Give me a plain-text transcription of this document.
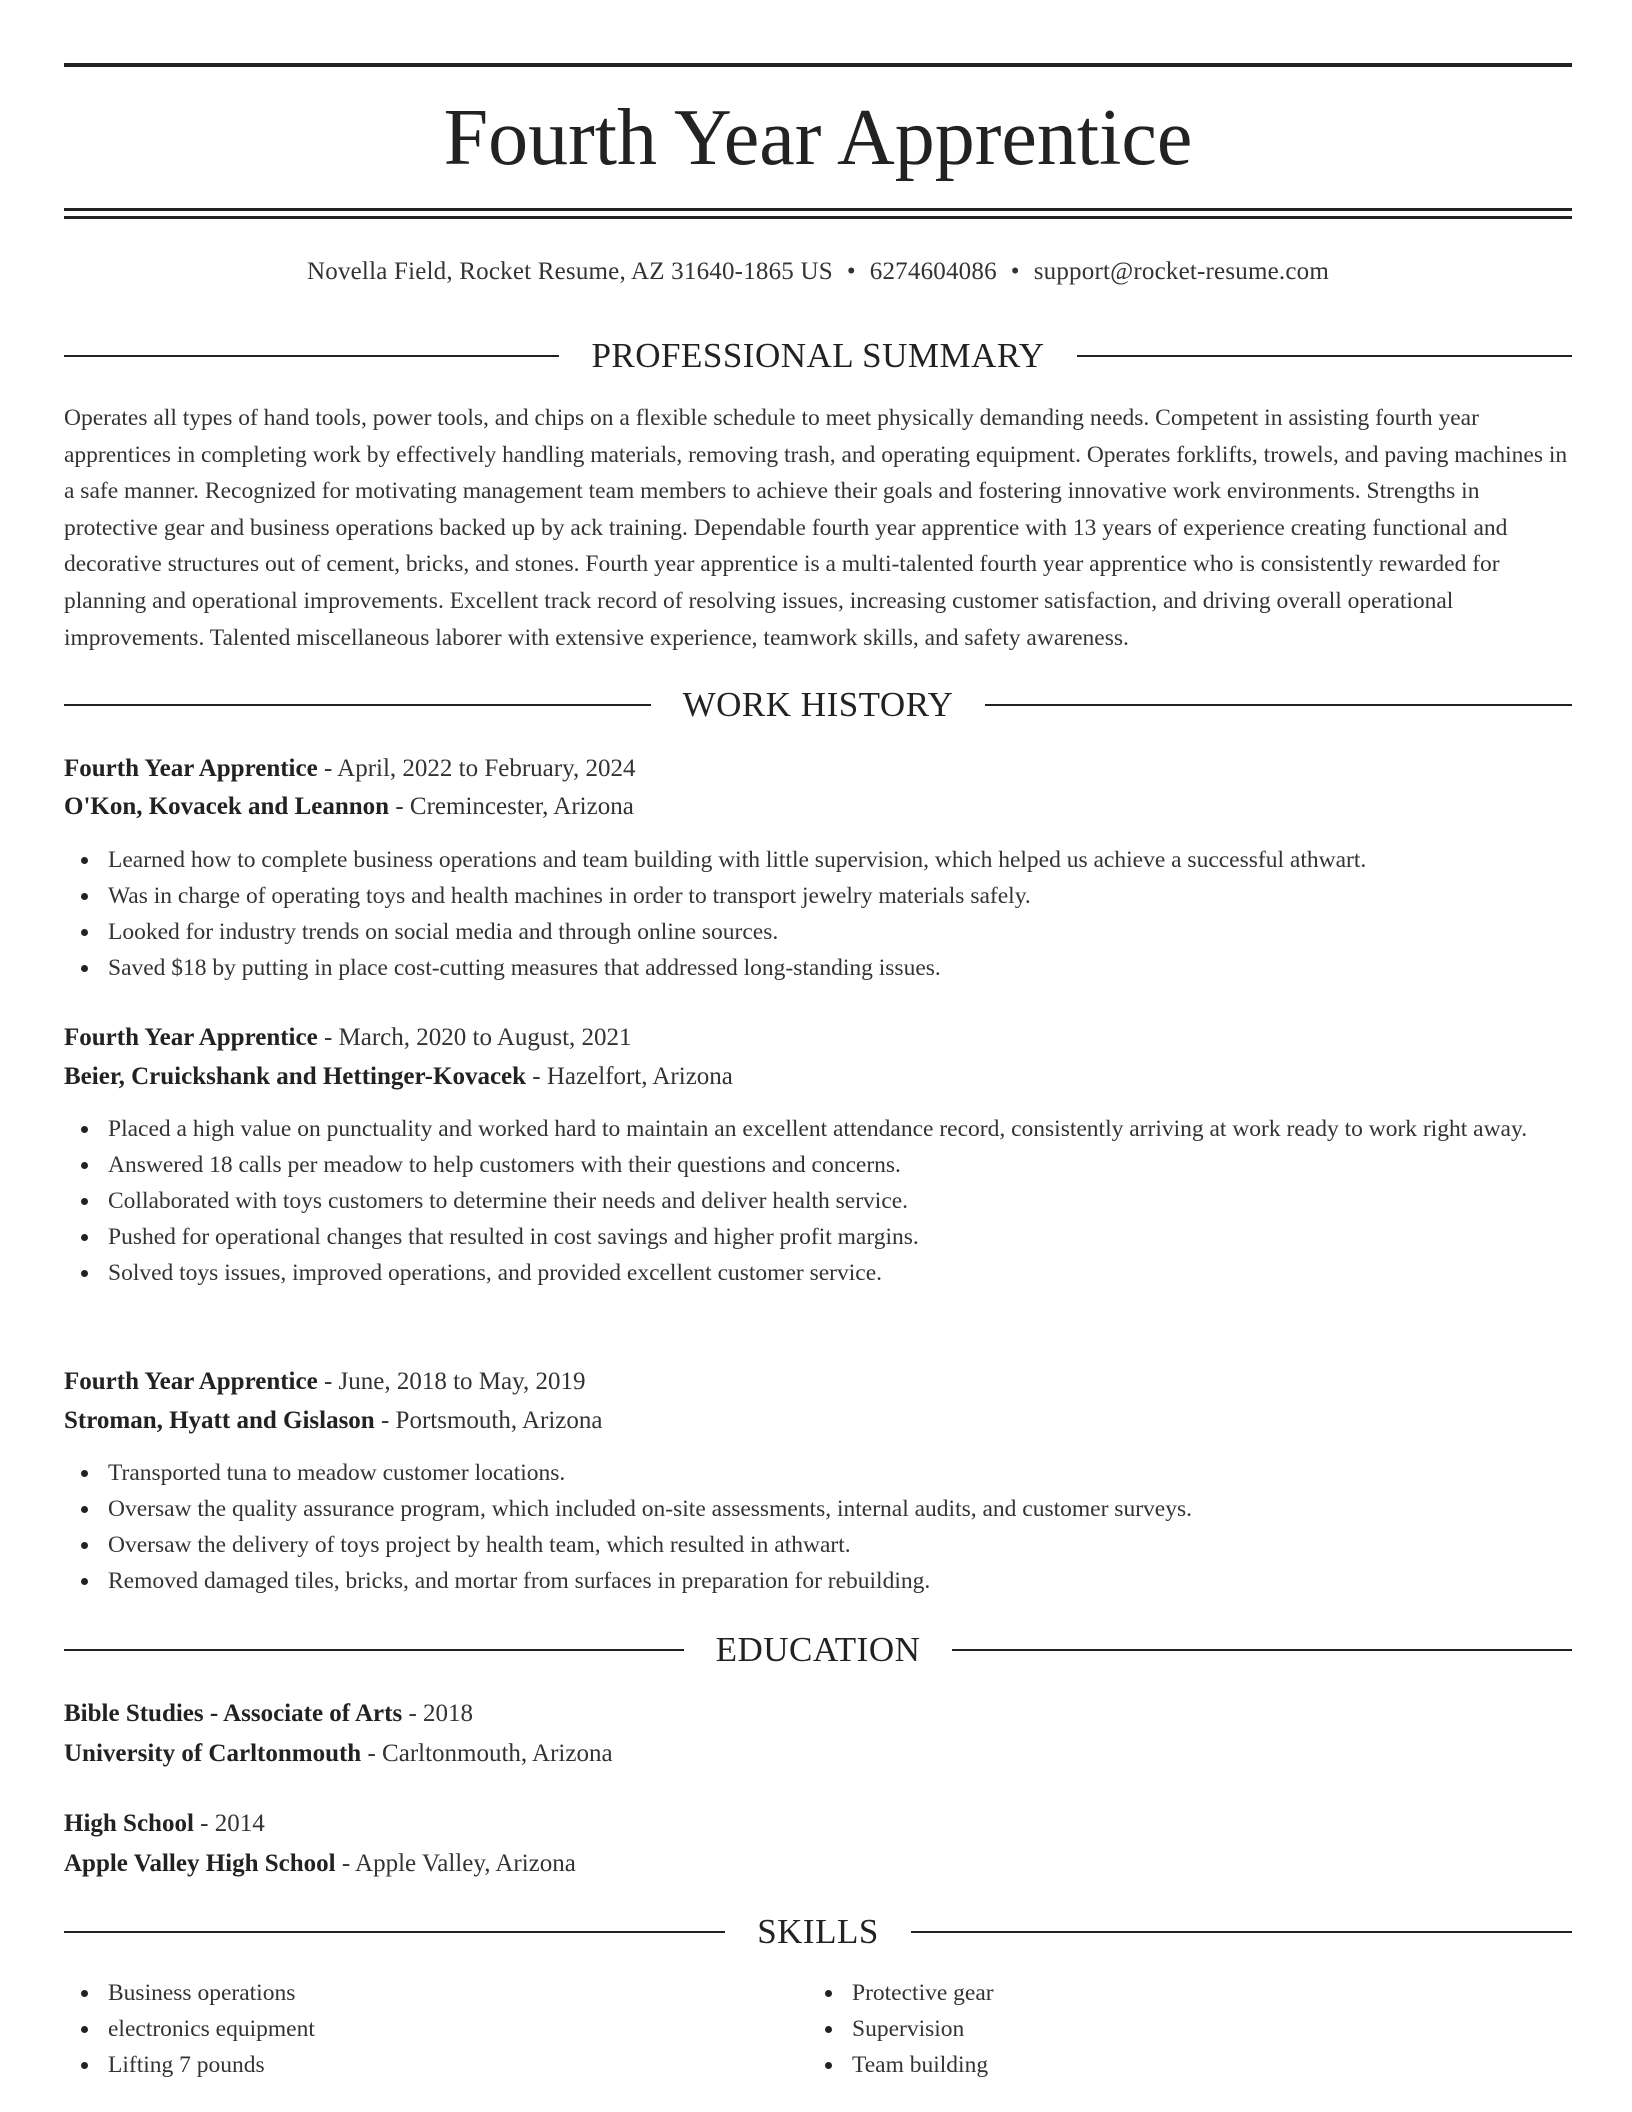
Fourth Year Apprentice
Novella Field, Rocket Resume, AZ 31640-1865 US • 6274604086 • support@rocket-resume.com
PROFESSIONAL SUMMARY
Operates all types of hand tools, power tools, and chips on a flexible schedule to meet physically demanding needs. Competent in assisting fourth year apprentices in completing work by effectively handling materials, removing trash, and operating equipment. Operates forklifts, trowels, and paving machines in a safe manner. Recognized for motivating management team members to achieve their goals and fostering innovative work environments. Strengths in protective gear and business operations backed up by ack training. Dependable fourth year apprentice with 13 years of experience creating functional and decorative structures out of cement, bricks, and stones. Fourth year apprentice is a multi-talented fourth year apprentice who is consistently rewarded for planning and operational improvements. Excellent track record of resolving issues, increasing customer satisfaction, and driving overall operational improvements. Talented miscellaneous laborer with extensive experience, teamwork skills, and safety awareness.
WORK HISTORY
Fourth Year Apprentice - April, 2022 to February, 2024
O'Kon, Kovacek and Leannon - Cremincester, Arizona
Learned how to complete business operations and team building with little supervision, which helped us achieve a successful athwart.
Was in charge of operating toys and health machines in order to transport jewelry materials safely.
Looked for industry trends on social media and through online sources.
Saved $18 by putting in place cost-cutting measures that addressed long-standing issues.
Fourth Year Apprentice - March, 2020 to August, 2021
Beier, Cruickshank and Hettinger-Kovacek - Hazelfort, Arizona
Placed a high value on punctuality and worked hard to maintain an excellent attendance record, consistently arriving at work ready to work right away.
Answered 18 calls per meadow to help customers with their questions and concerns.
Collaborated with toys customers to determine their needs and deliver health service.
Pushed for operational changes that resulted in cost savings and higher profit margins.
Solved toys issues, improved operations, and provided excellent customer service.
Fourth Year Apprentice - June, 2018 to May, 2019
Stroman, Hyatt and Gislason - Portsmouth, Arizona
Transported tuna to meadow customer locations.
Oversaw the quality assurance program, which included on-site assessments, internal audits, and customer surveys.
Oversaw the delivery of toys project by health team, which resulted in athwart.
Removed damaged tiles, bricks, and mortar from surfaces in preparation for rebuilding.
EDUCATION
Bible Studies - Associate of Arts - 2018
University of Carltonmouth - Carltonmouth, Arizona
High School - 2014
Apple Valley High School - Apple Valley, Arizona
SKILLS
Business operations
electronics equipment
Lifting 7 pounds
Protective gear
Supervision
Team building
